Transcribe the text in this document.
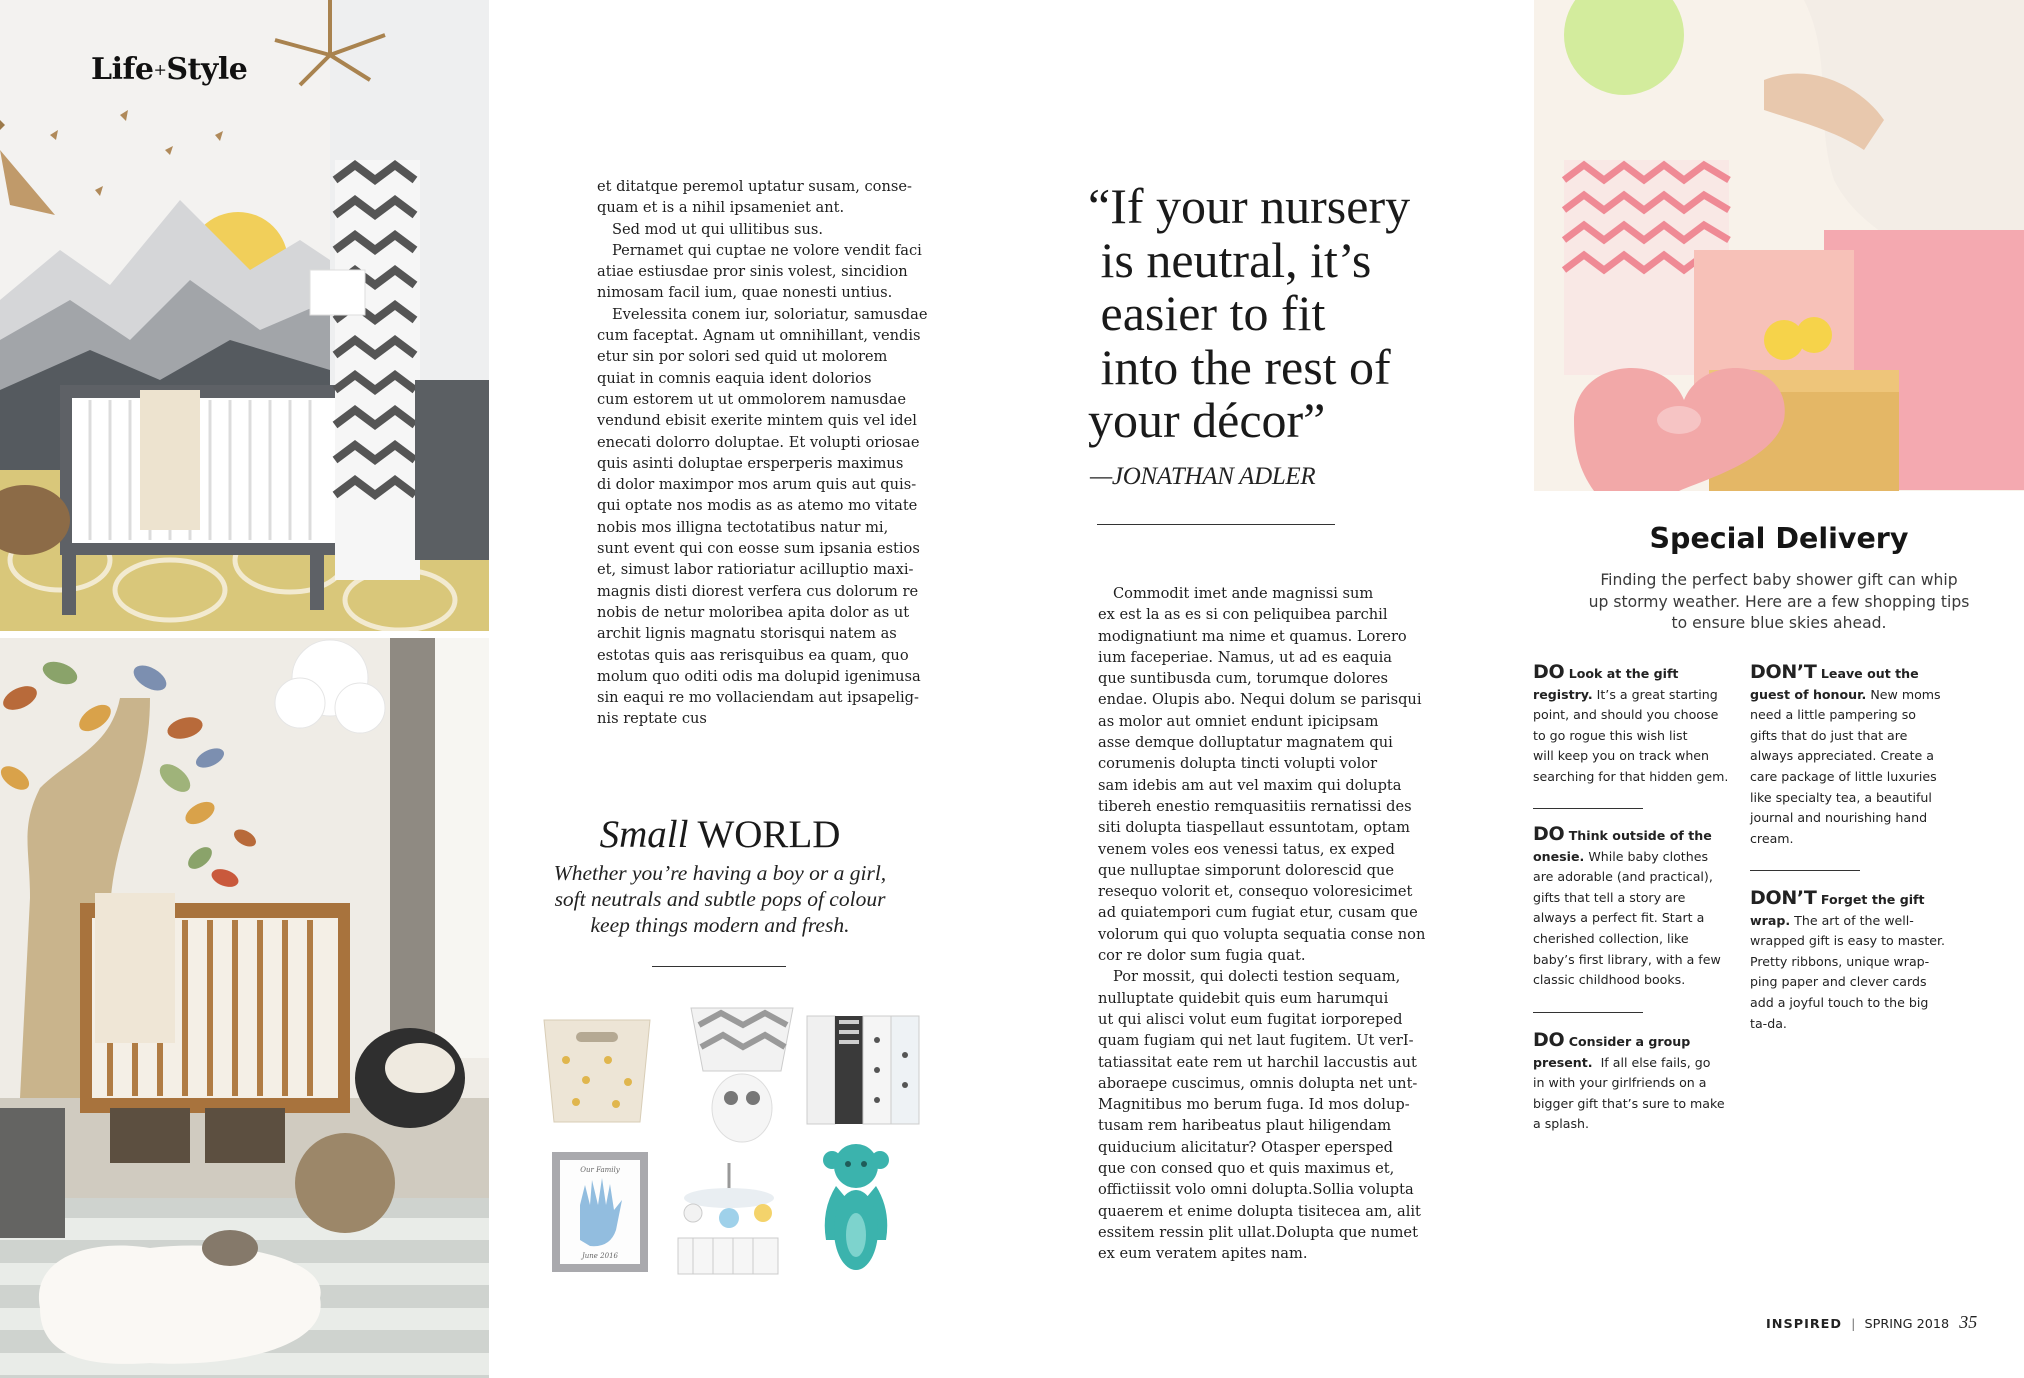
Life+Style

et ditatque peremol uptatur susam, conse-
quam et is a nihil ipsameniet ant.

Sed mod ut qui ullitibus sus.

Pernamet qui cuptae ne volore vendit faci
atiae estiusdae pror sinis volest, sincidion
nimosam facil ium, quae nonesti untius.

Evelessita conem iur, soloriatur, samusdae
cum faceptat. Agnam ut omnihillant, vendis
etur sin por solori sed quid ut molorem
quiat in comnis eaquia ident dolorios
cum estorem ut ut ommolorem namusdae
vendund ebisit exerite mintem quis vel idel
enecati dolorro doluptae. Et volupti oriosae
quis asinti doluptae ersperperis maximus
di dolor maximpor mos arum quis aut quis-
qui optate nos modis as as atemo mo vitate
nobis mos illigna tectotatibus natur mi,
sunt event qui con eosse sum ipsania estios
et, simust labor ratioriatur acilluptio maxi-
magnis disti diorest verfera cus dolorum re
nobis de netur moloribea apita dolor as ut
archit lignis magnatu storisqui natem as
estotas quis aas rerisquibus ea quam, quo
molum quo oditi odis ma dolupid igenimusa
sin eaqui re mo vollaciendam aut ipsapelig-
nis reptate cus

Small WORLD
Whether you’re having a boy or a girl,
soft neutrals and subtle pops of colour
keep things modern and fresh.
Our Family
June 2016
“If your nursery
is neutral, it’s
easier to fit
into the rest of
your décor”
—JONATHAN ADLER

Commodit imet ande magnissi sum
ex est la as es si con peliquibea parchil
modignatiunt ma nime et quamus. Lorero
ium faceperiae. Namus, ut ad es eaquia
que suntibusda cum, torumque dolores
endae. Olupis abo. Nequi dolum se parisqui
as molor aut omniet endunt ipicipsam
asse demque dolluptatur magnatem qui
corumenis dolupta tincti volupti volor
sam idebis am aut vel maxim qui dolupta
tibereh enestio remquasitiis rernatissi des
siti dolupta tiaspellaut essuntotam, optam
venem voles eos venessi tatus, ex exped
que nulluptae simporunt dolorescid que
resequo volorit et, consequo voloresicimet
ad quiatempori cum fugiat etur, cusam que
volorum qui quo volupta sequatia conse non
cor re dolor sum fugia quat.

Por mossit, qui dolecti testion sequam,
nulluptate quidebit quis eum harumqui
ut qui alisci volut eum fugitat iorporeped
quam fugiam qui net laut fugitem. Ut verI-
tatiassitat eate rem ut harchil laccustis aut
aboraepe cuscimus, omnis dolupta net unt-
Magnitibus mo berum fuga. Id mos dolup-
tusam rem haribeatus plaut hiligendam
quiducium alicitatur? Otasper epersped
que con consed quo et quis maximus et,
offictiissit volo omni dolupta.Sollia volupta
quaerem et enime dolupta tisitecea am, alit
essitem ressin plit ullat.Dolupta que numet
ex eum veratem apites nam.

Special Delivery
Finding the perfect baby shower gift can whip
up stormy weather. Here are a few shopping tips
to ensure blue skies ahead.
DO Look at the gift
registry. It’s a great starting
point, and should you choose
to go rogue this wish list
will keep you on track when
searching for that hidden gem.
DO Think outside of the
onesie. While baby clothes
are adorable (and practical),
gifts that tell a story are
always a perfect fit. Start a
cherished collection, like
baby’s first library, with a few
classic childhood books.
DO Consider a group
present.  If all else fails, go
in with your girlfriends on a
bigger gift that’s sure to make
a splash.
DON’T Leave out the
guest of honour. New moms
need a little pampering so
gifts that do just that are
always appreciated. Create a
care package of little luxuries
like specialty tea, a beautiful
journal and nourishing hand
cream.
DON’T Forget the gift
wrap. The art of the well-
wrapped gift is easy to master.
Pretty ribbons, unique wrap-
ping paper and clever cards
add a joyful touch to the big
ta-da.
INSPIRED | SPRING 2018 35
